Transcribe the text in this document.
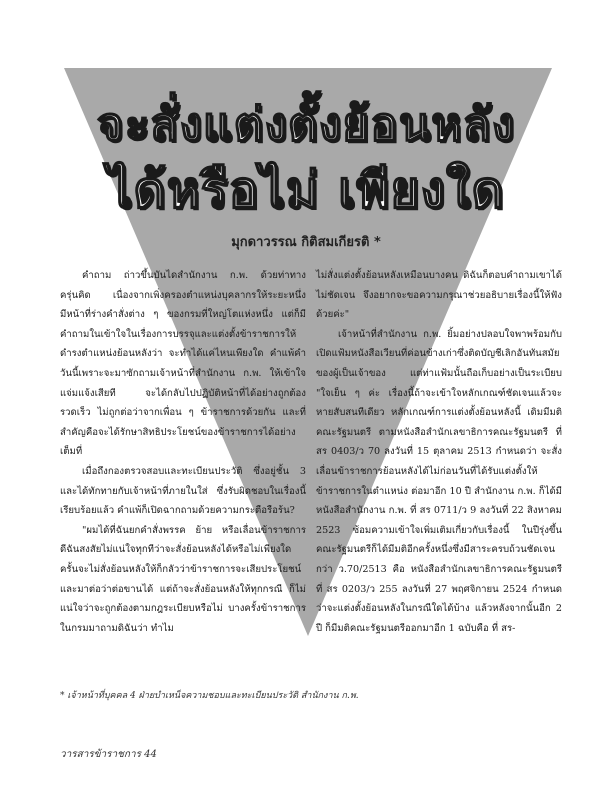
จะสั่งแต่งตั้งย้อนหลัง
ได้หรือไม่ เพียงใด
มุกดาวรรณ กิติสมเกียรติ *

คำถาม ถ่าวขึ้นบันไดสำนักงาน ก.พ. ด้วยท่าทางครุ่นคิด เนื่องจากเพิ่งครองตำแหน่งบุคลากรให้ระยะหนึ่ง มีหน้าที่ร่างคำสั่งต่าง ๆ ของกรมที่ใหญ่โตแห่งหนึ่ง แต่ก็มีคำถามในเข้าใจในเรื่องการบรรจุและแต่งตั้งข้าราชการให้ดำรงตำแหน่งย้อนหลังว่า จะทำได้แค่ไหนเพียงใด คำแพ้คำวันนี้เพราะจะมาซักถามเจ้าหน้าที่สำนักงาน ก.พ. ให้เข้าใจแจ่มแจ้งเสียที จะได้กลับไปปฏิบัติหน้าที่ได้อย่างถูกต้อง รวดเร็ว ไม่ถูกต่อว่าจากเพื่อน ๆ ข้าราชการด้วยกัน และที่สำคัญคือจะได้รักษาสิทธิประโยชน์ของข้าราชการได้อย่างเต็มที่

เมื่อถึงกองตรวจสอบและทะเบียนประวัติ ซึ่งอยู่ชั้น 3 และได้ทักทายกับเจ้าหน้าที่ภายในใส่ ซึ่งรับผิดชอบในเรื่องนี้เรียบร้อยแล้ว คำแพ้ก็เปิดฉากถามด้วยความกระตือรือร้น?

"ผมได้ที่ฉันยกคำสั่งพรรค ย้าย หรือเลื่อนข้าราชการ ดีฉันสงสัยไม่แน่ใจทุกทีว่าจะสั่งย้อนหลังได้หรือไม่เพียงใด ครั้นจะไม่สั่งย้อนหลังให้ก็กลัวว่าข้าราชการจะเสียประโยชน์และมาต่อว่าต่อขานได้ แต่ถ้าจะสั่งย้อนหลังให้ทุกกรณี ก็ไม่แน่ใจว่าจะถูกต้องตามกฎระเบียบหรือไม่ บางครั้งข้าราชการในกรมมาถามดิฉันว่า ทำไม

ไม่สั่งแต่งตั้งย้อนหลังเหมือนบางคน ดิฉันก็ตอบคำถามเขาได้ไม่ชัดเจน จึงอยากจะขอความกรุณาช่วยอธิบายเรื่องนี้ให้ฟังด้วยค่ะ"

เจ้าหน้าที่สำนักงาน ก.พ. ยิ้มอย่างปลอบใจพาพร้อมกับเปิดแฟ้มหนังสือเวียนที่ค่อนข้างเก่าซึ่งติดบัญชีเลิกอันทันสมัยของผู้เป็นเจ้าของ แต่ท่าแฟ้มนั้นถือเก็บอย่างเป็นระเบียบ "ใจเย็น ๆ ค่ะ เรื่องนี้ถ้าจะเข้าใจหลักเกณฑ์ชัดเจนแล้วจะหายสับสนทีเดียว หลักเกณฑ์การแต่งตั้งย้อนหลังนี้ เดิมมีมติคณะรัฐมนตรี ตามหนังสือสำนักเลขาธิการคณะรัฐมนตรี ที่ สร 0403/ว 70 ลงวันที่ 15 ตุลาคม 2513 กำหนดว่า จะสั่งเลื่อนข้าราชการย้อนหลังได้ไม่ก่อนวันที่ได้รับแต่งตั้งให้ข้าราชการในตำแหน่ง ต่อมาอีก 10 ปี สำนักงาน ก.พ. ก็ได้มีหนังสือสำนักงาน ก.พ. ที่ สร 0711/ว 9 ลงวันที่ 22 สิงหาคม 2523 ซ้อมความเข้าใจเพิ่มเติมเกี่ยวกับเรื่องนี้ ในปีรุ่งขึ้นคณะรัฐมนตรีก็ได้มีมติอีกครั้งหนึ่งซึ่งมีสาระครบถ้วนชัดเจนกว่า ว.70/2513 คือ หนังสือสำนักเลขาธิการคณะรัฐมนตรี ที่ สร 0203/ว 255 ลงวันที่ 27 พฤศจิกายน 2524 กำหนดว่าจะแต่งตั้งย้อนหลังในกรณีใดได้บ้าง แล้วหลังจากนั้นอีก 2 ปี ก็มีมติคณะรัฐมนตรีออกมาอีก 1 ฉบับคือ ที่ สร-

* เจ้าหน้าที่บุคคล 4 ฝ่ายบำเหน็จความชอบและทะเบียนประวัติ สำนักงาน ก.พ.
วารสารข้าราชการ 44
